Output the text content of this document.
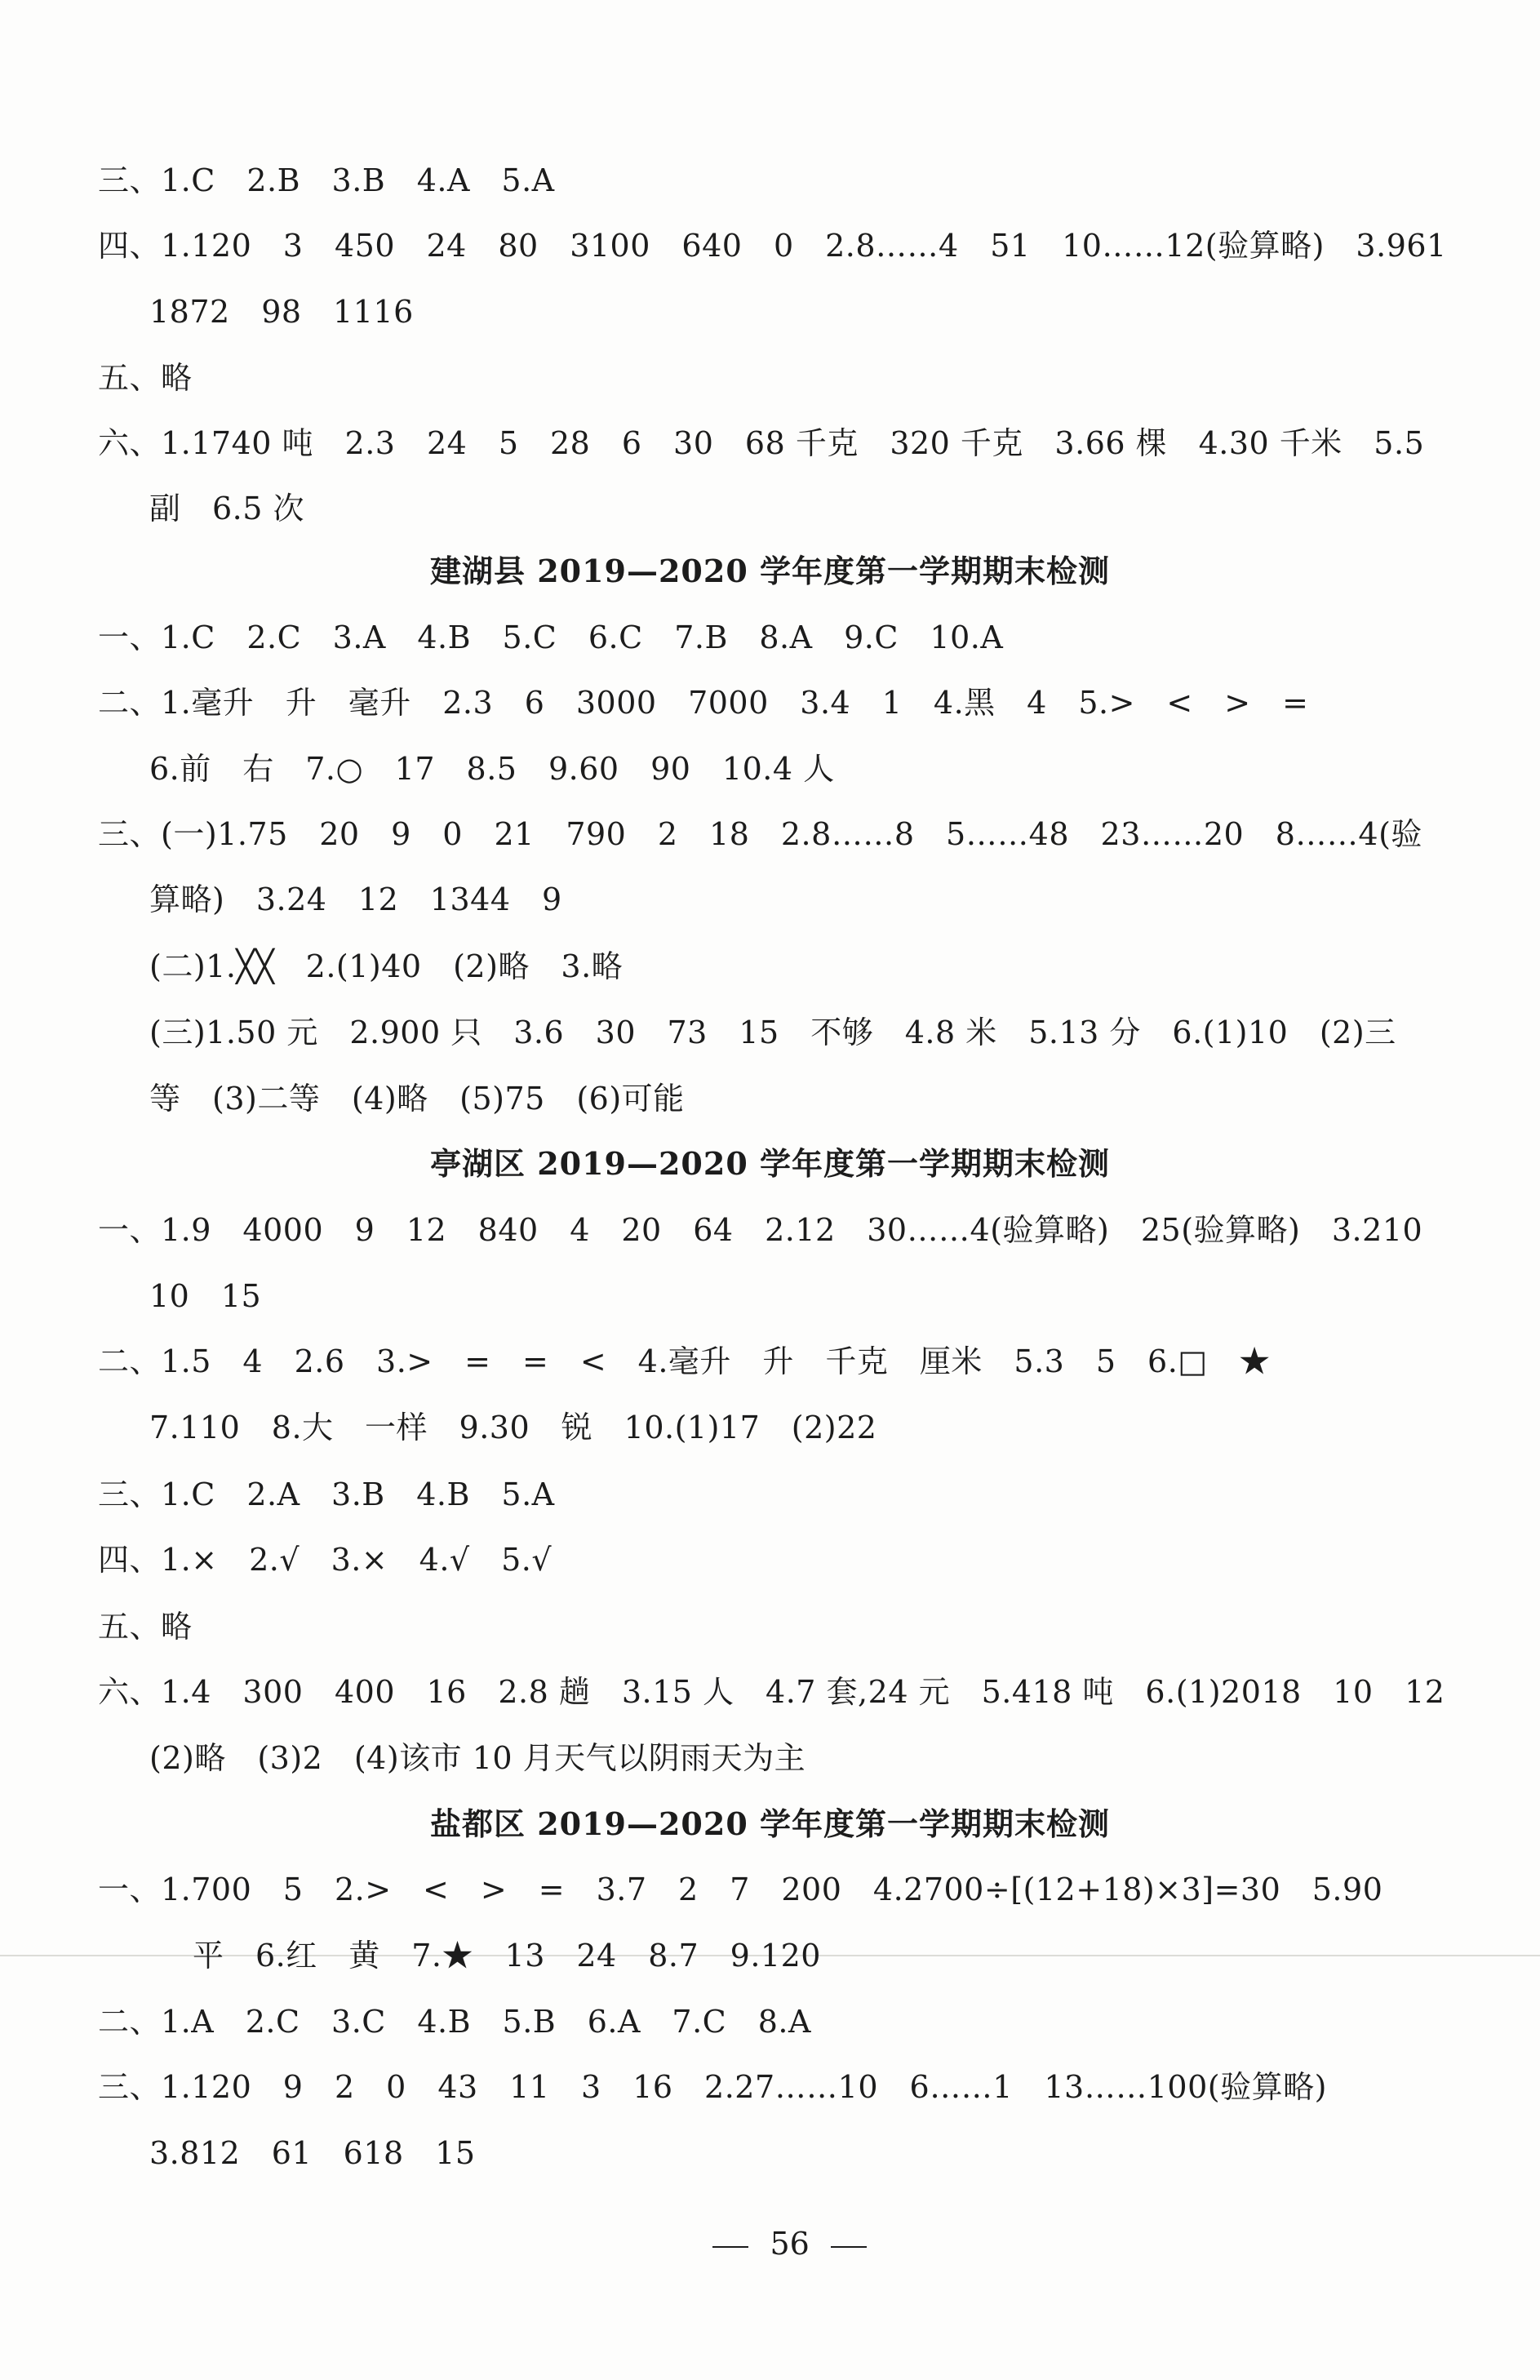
三、1.C　2.B　3.B　4.A　5.A
四、1.120　3　450　24　80　3100　640　0　2.8……4　51　10……12(验算略)　3.961
1872　98　1116
五、略
六、1.1740 吨　2.3　24　5　28　6　30　68 千克　320 千克　3.66 棵　4.30 千米　5.5
副　6.5 次
建湖县 2019—2020 学年度第一学期期末检测
一、1.C　2.C　3.A　4.B　5.C　6.C　7.B　8.A　9.C　10.A
二、1.毫升　升　毫升　2.3　6　3000　7000　3.4　1　4.黑　4　5.>　<　>　=
6.前　右　7.○　17　8.5　9.60　90　10.4 人
三、(一)1.75　20　9　0　21　790　2　18　2.8……8　5……48　23……20　8……4(验
算略)　3.24　12　1344　9
(二)1.╳╳　2.(1)40　(2)略　3.略
(三)1.50 元　2.900 只　3.6　30　73　15　不够　4.8 米　5.13 分　6.(1)10　(2)三
等　(3)二等　(4)略　(5)75　(6)可能
亭湖区 2019—2020 学年度第一学期期末检测
一、1.9　4000　9　12　840　4　20　64　2.12　30……4(验算略)　25(验算略)　3.210
10　15
二、1.5　4　2.6　3.>　=　=　<　4.毫升　升　千克　厘米　5.3　5　6.□　★
7.110　8.大　一样　9.30　锐　10.(1)17　(2)22
三、1.C　2.A　3.B　4.B　5.A
四、1.×　2.√　3.×　4.√　5.√
五、略
六、1.4　300　400　16　2.8 趟　3.15 人　4.7 套,24 元　5.418 吨　6.(1)2018　10　12
(2)略　(3)2　(4)该市 10 月天气以阴雨天为主
盐都区 2019—2020 学年度第一学期期末检测
一、1.700　5　2.>　<　>　=　3.7　2　7　200　4.2700÷[(12+18)×3]=30　5.90
平　6.红　黄　7.★　13　24　8.7　9.120
二、1.A　2.C　3.C　4.B　5.B　6.A　7.C　8.A
三、1.120　9　2　0　43　11　3　16　2.27……10　6……1　13……100(验算略)
3.812　61　618　15

56
